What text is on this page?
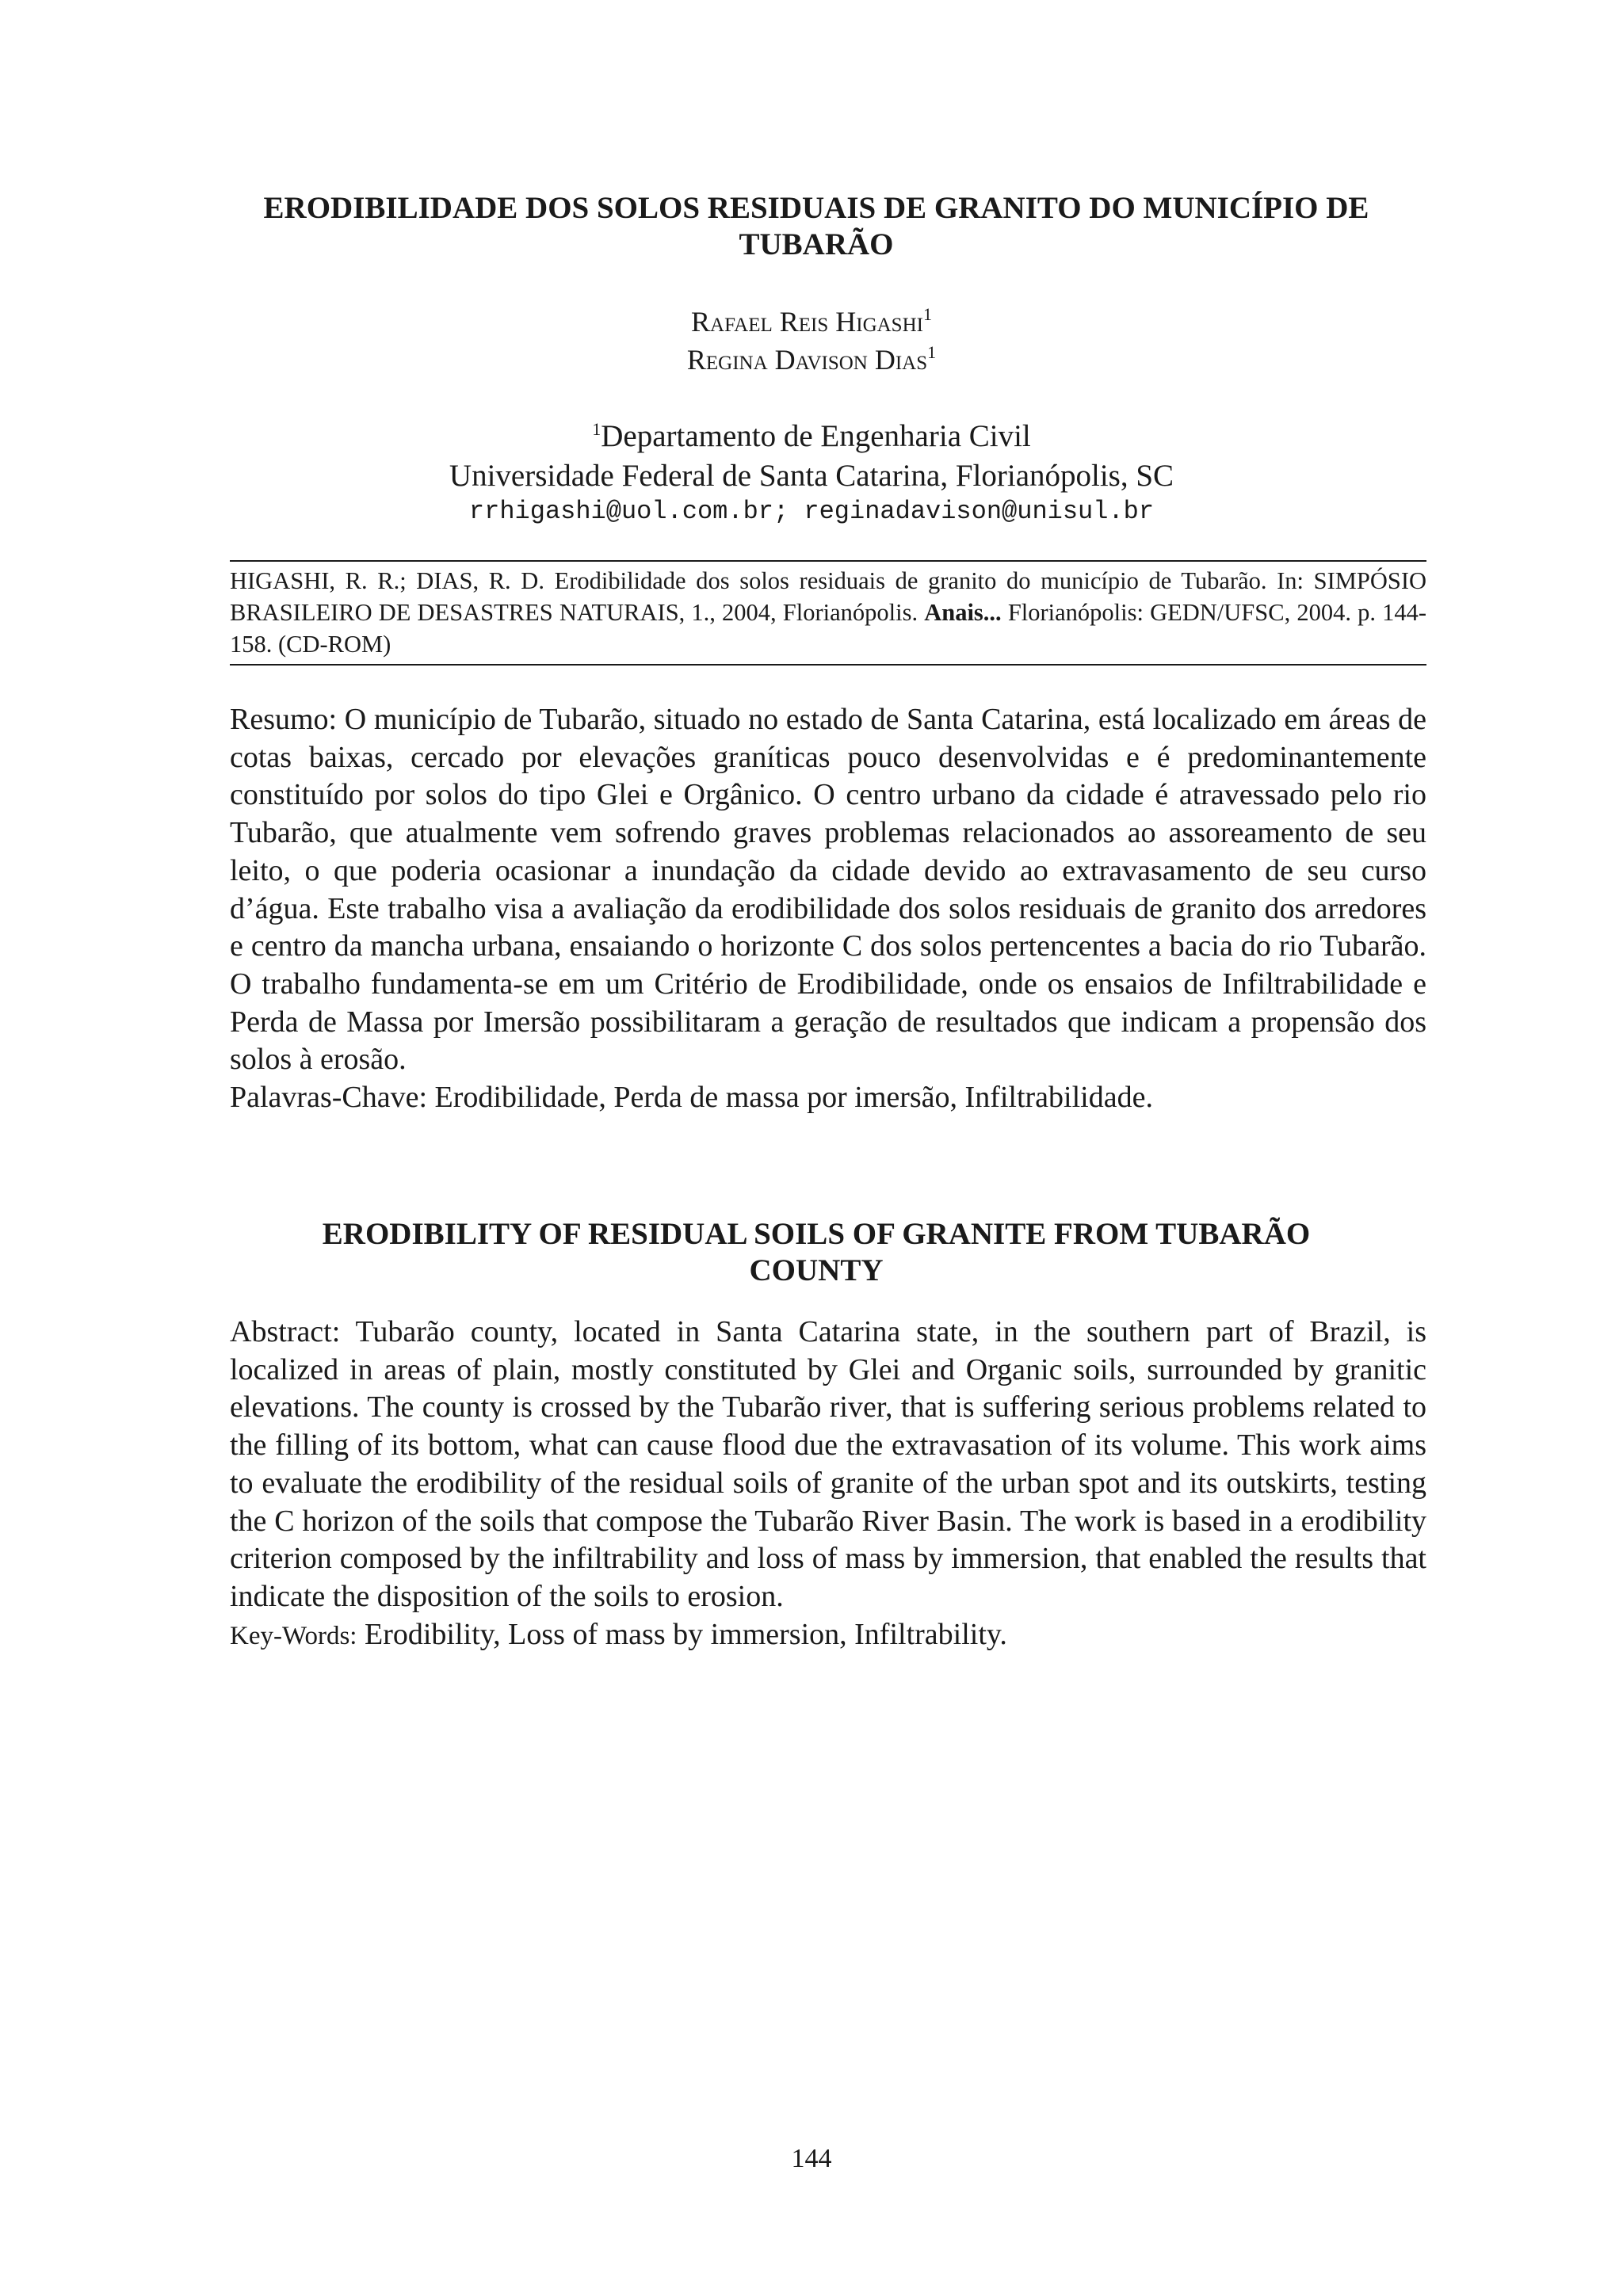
ERODIBILIDADE DOS SOLOS RESIDUAIS DE GRANITO DO MUNICÍPIO DE
TUBARÃO
Rafael Reis Higashi$^1$
Regina Davison Dias$^1$
$^1$Departamento de Engenharia Civil
Universidade Federal de Santa Catarina, Florianópolis, SC
rrhigashi@uol.com.br; reginadavison@unisul.br
HIGASHI, R. R.; DIAS, R. D. Erodibilidade dos solos residuais de granito do município de Tubarão. In: SIMPÓSIO BRASILEIRO DE DESASTRES NATURAIS, 1., 2004, Florianópolis. Anais... Florianópolis: GEDN/UFSC, 2004. p. 144-158. (CD-ROM)

Resumo: O município de Tubarão, situado no estado de Santa Catarina, está localizado em áreas de cotas baixas, cercado por elevações graníticas pouco desenvolvidas e é predominantemente constituído por solos do tipo Glei e Orgânico. O centro urbano da cidade é atravessado pelo rio Tubarão, que atualmente vem sofrendo graves problemas relacionados ao assoreamento de seu leito, o que poderia ocasionar a inundação da cidade devido ao extravasamento de seu curso d’água. Este trabalho visa a avaliação da erodibilidade dos solos residuais de granito dos arredores e centro da mancha urbana, ensaiando o horizonte C dos solos pertencentes a bacia do rio Tubarão. O trabalho fundamenta-se em um Critério de Erodibilidade, onde os ensaios de Infiltrabilidade e Perda de Massa por Imersão possibilitaram a geração de resultados que indicam a propensão dos solos à erosão.

Palavras-Chave: Erodibilidade, Perda de massa por imersão, Infiltrabilidade.

ERODIBILITY OF RESIDUAL SOILS OF GRANITE FROM TUBARÃO
COUNTY

Abstract: Tubarão county, located in Santa Catarina state, in the southern part of Brazil, is localized in areas of plain, mostly constituted by Glei and Organic soils, surrounded by granitic elevations. The county is crossed by the Tubarão river, that is suffering serious problems related to the filling of its bottom, what can cause flood due the extravasation of its volume. This work aims to evaluate the erodibility of the residual soils of granite of the urban spot and its outskirts, testing the C horizon of the soils that compose the Tubarão River Basin. The work is based in a erodibility criterion composed by the infiltrability and loss of mass by immersion, that enabled the results that indicate the disposition of the soils to erosion.

Key-Words: Erodibility, Loss of mass by immersion, Infiltrability.

144
